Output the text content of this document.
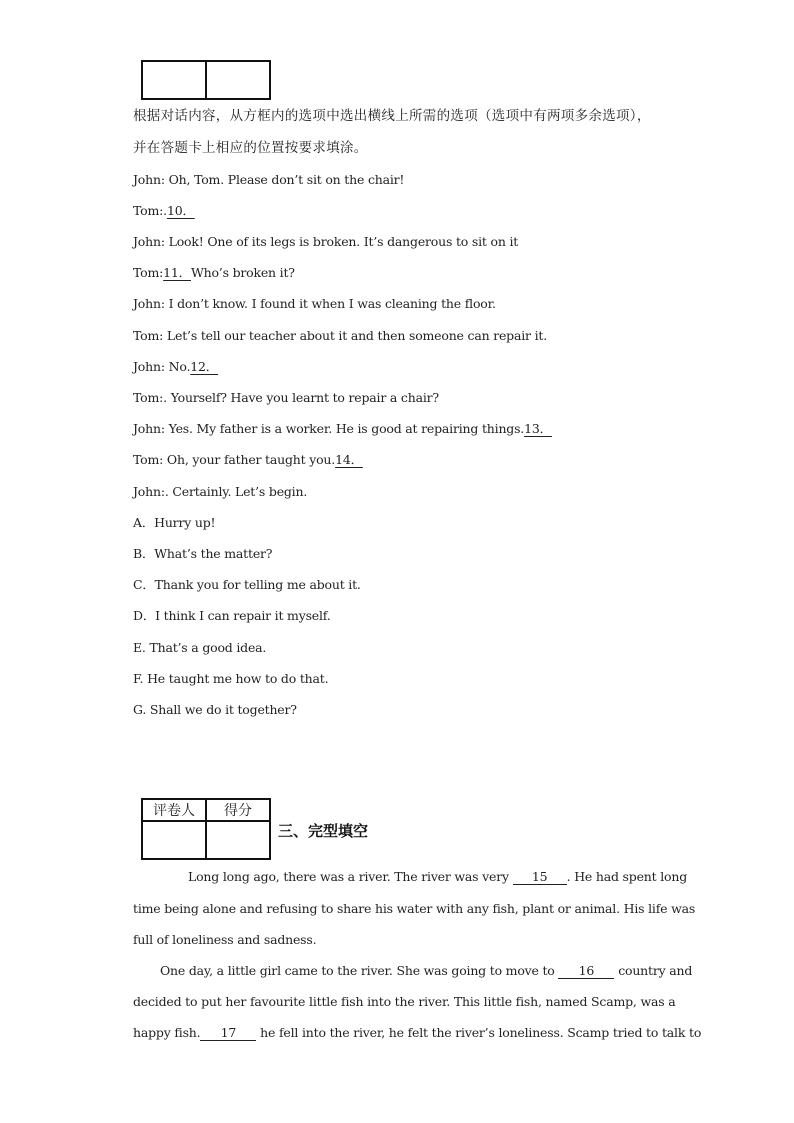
根据对话内容，从方框内的选项中选出横线上所需的选项（选项中有两项多余选项），
并在答题卡上相应的位置按要求填涂。
John: Oh, Tom. Please don’t sit on the chair!
Tom:.10．
John: Look! One of its legs is broken. It’s dangerous to sit on it
Tom:11．Who’s broken it?
John: I don’t know. I found it when I was cleaning the floor.
Tom: Let’s tell our teacher about it and then someone can repair it.
John: No.12．
Tom:. Yourself? Have you learnt to repair a chair?
John: Yes. My father is a worker. He is good at repairing things.13．
Tom: Oh, your father taught you.14．
John:. Certainly. Let’s begin.
A．Hurry up!
B．What’s the matter?
C．Thank you for telling me about it.
D．I think I can repair it myself.
E. That’s a good idea.
F. He taught me how to do that.
G. Shall we do it together?
评卷人	得分

三、完型填空
Long long ago, there was a river. The river was very 15 . He had spent long
time being alone and refusing to share his water with any fish, plant or animal. His life was
full of loneliness and sadness.
One day, a little girl came to the river. She was going to move to 16 country and
decided to put her favourite little fish into the river. This little fish, named Scamp, was a
happy fish. 17 he fell into the river, he felt the river’s loneliness. Scamp tried to talk to
